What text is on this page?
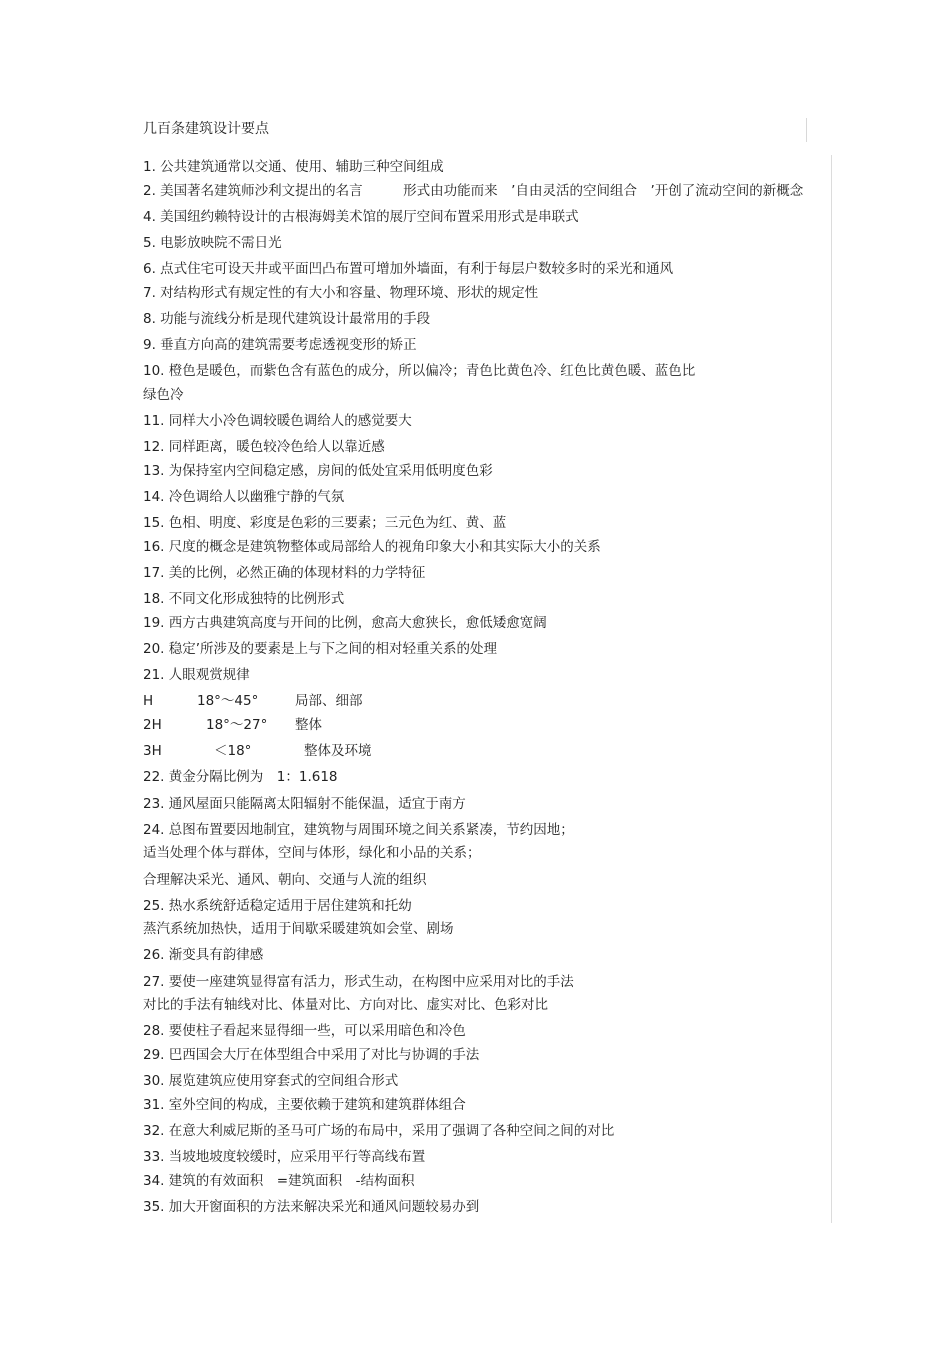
几百条建筑设计要点

1. 公共建筑通常以交通、使用、辅助三种空间组成

2. 美国著名建筑师沙利文提出的名言　　　形式由功能而来　’自由灵活的空间组合　’开创了流动空间的新概念

4. 美国纽约赖特设计的古根海姆美术馆的展厅空间布置采用形式是串联式

5. 电影放映院不需日光

6. 点式住宅可设天井或平面凹凸布置可增加外墙面，有利于每层户数较多时的采光和通风

7. 对结构形式有规定性的有大小和容量、物理环境、形状的规定性

8. 功能与流线分析是现代建筑设计最常用的手段

9. 垂直方向高的建筑需要考虑透视变形的矫正

10. 橙色是暖色，而紫色含有蓝色的成分，所以偏冷；青色比黄色冷、红色比黄色暖、蓝色比

绿色冷

11. 同样大小冷色调较暖色调给人的感觉要大

12. 同样距离，暖色较冷色给人以靠近感

13. 为保持室内空间稳定感，房间的低处宜采用低明度色彩

14. 冷色调给人以幽雅宁静的气氛

15. 色相、明度、彩度是色彩的三要素；三元色为红、黄、蓝

16. 尺度的概念是建筑物整体或局部给人的视角印象大小和其实际大小的关系

17. 美的比例，必然正确的体现材料的力学特征

18. 不同文化形成独特的比例形式

19. 西方古典建筑高度与开间的比例，愈高大愈狭长，愈低矮愈宽阔

20. 稳定’所涉及的要素是上与下之间的相对轻重关系的处理

21. 人眼观赏规律

H	18°～45°	局部、细部

2H	18°～27° 整体

3H	＜18°	整体及环境

22. 黄金分隔比例为　1：1.618

23. 通风屋面只能隔离太阳辐射不能保温，适宜于南方

24. 总图布置要因地制宜，建筑物与周围环境之间关系紧凑，节约因地；

适当处理个体与群体，空间与体形，绿化和小品的关系；

合理解决采光、通风、朝向、交通与人流的组织

25. 热水系统舒适稳定适用于居住建筑和托幼

蒸汽系统加热快，适用于间歇采暖建筑如会堂、剧场

26. 渐变具有韵律感

27. 要使一座建筑显得富有活力，形式生动，在构图中应采用对比的手法

对比的手法有轴线对比、体量对比、方向对比、虚实对比、色彩对比

28. 要使柱子看起来显得细一些，可以采用暗色和冷色

29. 巴西国会大厅在体型组合中采用了对比与协调的手法

30. 展览建筑应使用穿套式的空间组合形式

31. 室外空间的构成，主要依赖于建筑和建筑群体组合

32. 在意大利威尼斯的圣马可广场的布局中，采用了强调了各种空间之间的对比

33. 当坡地坡度较缓时，应采用平行等高线布置

34. 建筑的有效面积　=建筑面积　-结构面积

35. 加大开窗面积的方法来解决采光和通风问题较易办到
